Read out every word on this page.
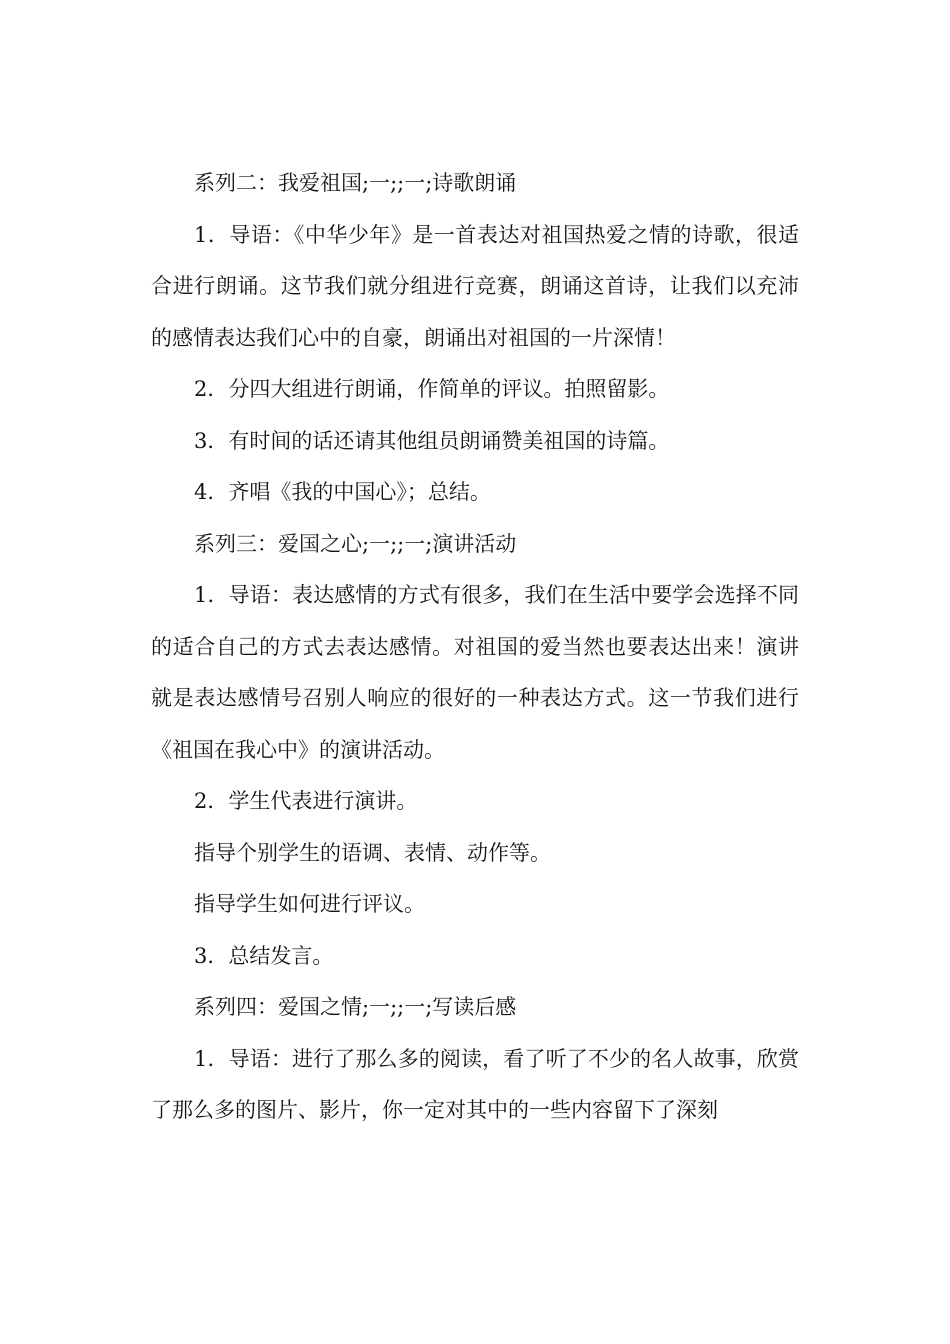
系列二：我爱祖国;一;;一;诗歌朗诵

1．导语：《中华少年》是一首表达对祖国热爱之情的诗歌，很适合进行朗诵。这节我们就分组进行竞赛，朗诵这首诗，让我们以充沛的感情表达我们心中的自豪，朗诵出对祖国的一片深情！

2．分四大组进行朗诵，作简单的评议。拍照留影。

3．有时间的话还请其他组员朗诵赞美祖国的诗篇。

4．齐唱《我的中国心》；总结。

系列三：爱国之心;一;;一;演讲活动

1．导语：表达感情的方式有很多，我们在生活中要学会选择不同的适合自己的方式去表达感情。对祖国的爱当然也要表达出来！演讲就是表达感情号召别人响应的很好的一种表达方式。这一节我们进行《祖国在我心中》的演讲活动。

2．学生代表进行演讲。

指导个别学生的语调、表情、动作等。

指导学生如何进行评议。

3．总结发言。

系列四：爱国之情;一;;一;写读后感

1．导语：进行了那么多的阅读，看了听了不少的名人故事，欣赏了那么多的图片、影片，你一定对其中的一些内容留下了深刻
